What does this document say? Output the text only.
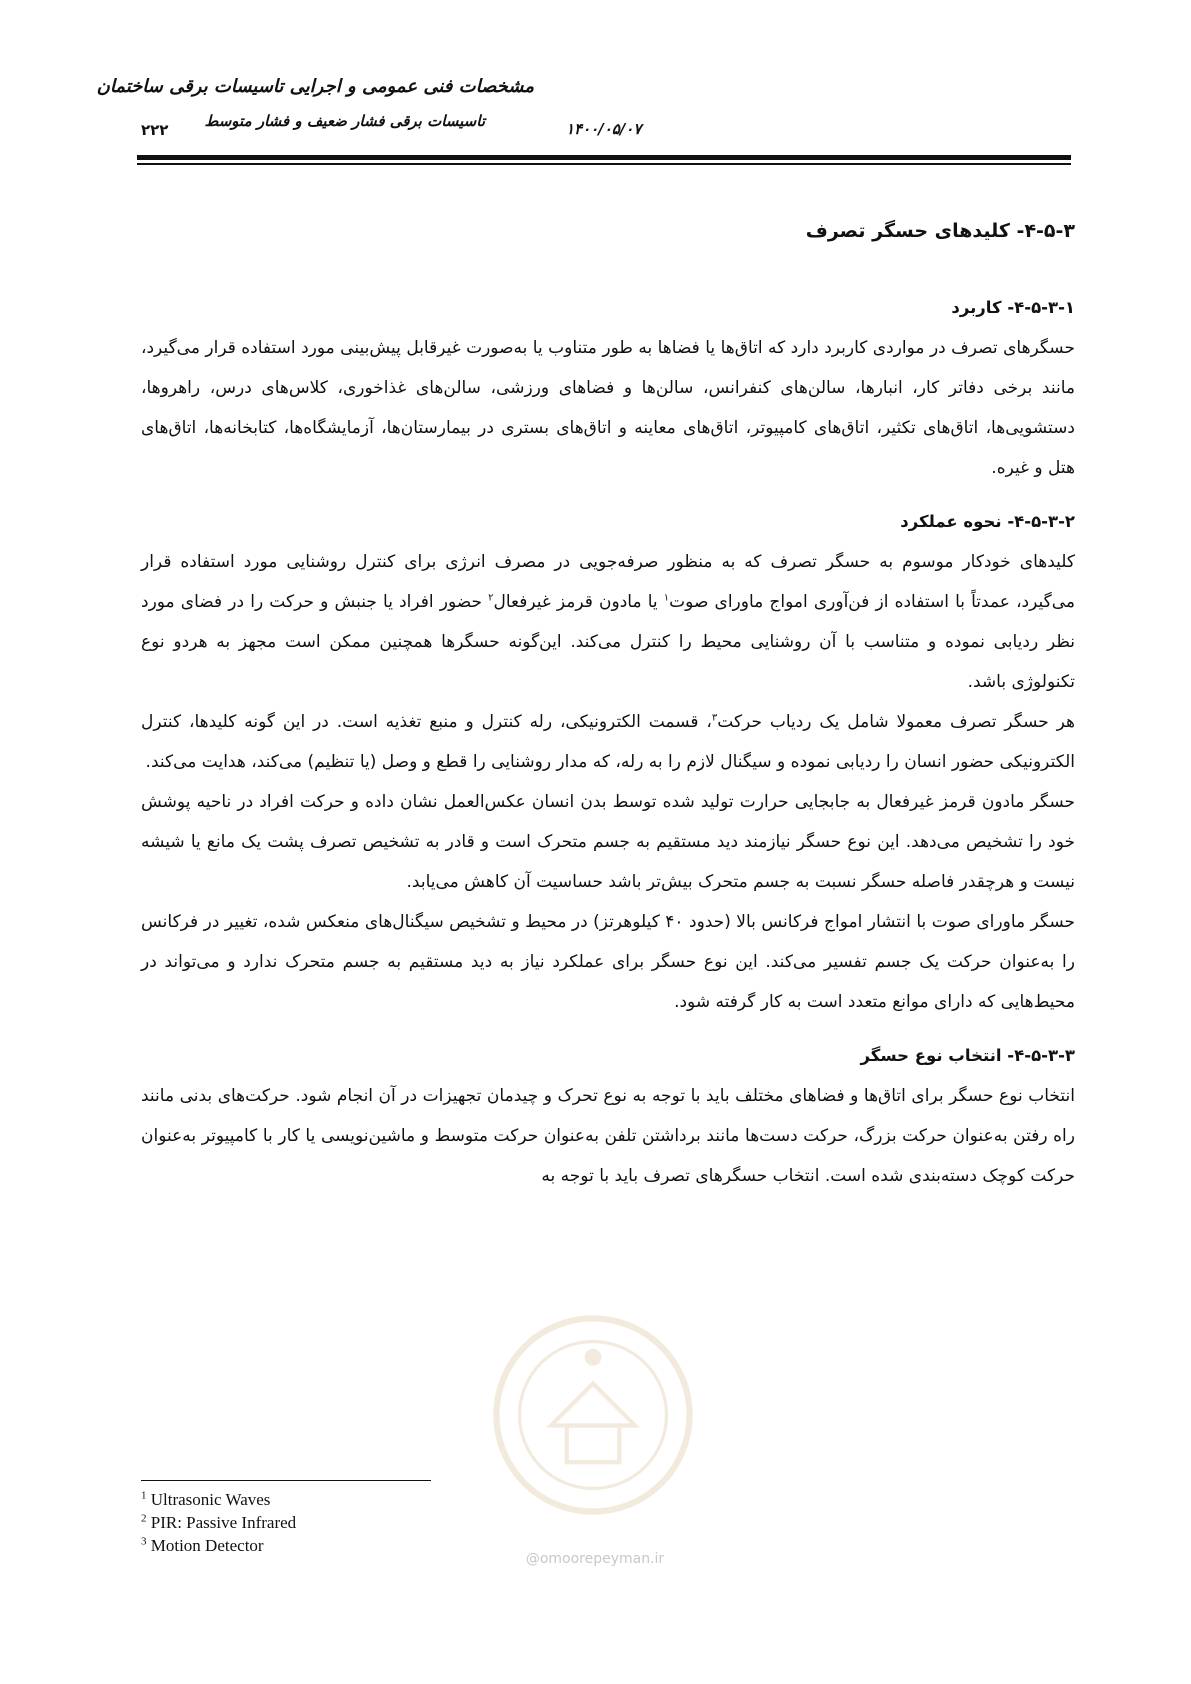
مشخصات فنی عمومی و اجرایی تاسیسات برقی ساختمان
تاسیسات برقی فشار ضعیف و فشار متوسط	۱۴۰۰/۰۵/۰۷
۲۲۲
۴-۵-۳- کلیدهای حسگر تصرف
۴-۵-۳-۱- کاربرد

حسگرهای تصرف در مواردی کاربرد دارد که اتاق‌ها یا فضاها به طور متناوب یا به‌صورت غیرقابل پیش‌بینی مورد استفاده قرار می‌گیرد، مانند برخی دفاتر کار، انبارها، سالن‌های کنفرانس، سالن‌ها و فضاهای ورزشی، سالن‌های غذاخوری، کلاس‌های درس، راهروها، دستشویی‌ها، اتاق‌های تکثیر، اتاق‌های کامپیوتر، اتاق‌های معاینه و اتاق‌های بستری در بیمارستان‌ها، آزمایشگاه‌ها، کتابخانه‌ها، اتاق‌های هتل و غیره.

۴-۵-۳-۲- نحوه عملکرد

کلیدهای خودکار موسوم به حسگر تصرف که به منظور صرفه‌جویی در مصرف انرژی برای کنترل روشنایی مورد استفاده قرار می‌گیرد، عمدتاً با استفاده از فن‌آوری امواج ماورای صوت$^۱$ یا مادون قرمز غیرفعال$^۲$ حضور افراد یا جنبش و حرکت را در فضای مورد نظر ردیابی نموده و متناسب با آن روشنایی محیط را کنترل می‌کند. این‌گونه حسگرها همچنین ممکن است مجهز به هردو نوع تکنولوژی باشد.

هر حسگر تصرف معمولا شامل یک ردیاب حرکت$^۳$، قسمت الکترونیکی، رله کنترل و منبع تغذیه است. در این گونه کلیدها، کنترل الکترونیکی حضور انسان را ردیابی نموده و سیگنال لازم را به رله، که مدار روشنایی را قطع و وصل (یا تنظیم) می‌کند، هدایت می‌کند.

حسگر مادون قرمز غیرفعال به جابجایی حرارت تولید شده توسط بدن انسان عکس‌العمل نشان داده و حرکت افراد در ناحیه پوشش خود را تشخیص می‌دهد. این نوع حسگر نیازمند دید مستقیم به جسم متحرک است و قادر به تشخیص تصرف پشت یک مانع یا شیشه نیست و هرچقدر فاصله حسگر نسبت به جسم متحرک بیش‌تر باشد حساسیت آن کاهش می‌یابد.

حسگر ماورای صوت با انتشار امواج فرکانس بالا (حدود ۴۰ کیلوهرتز) در محیط و تشخیص سیگنال‌های منعکس شده، تغییر در فرکانس را به‌عنوان حرکت یک جسم تفسیر می‌کند. این نوع حسگر برای عملکرد نیاز به دید مستقیم به جسم متحرک ندارد و می‌تواند در محیط‌هایی که دارای موانع متعدد است به کار گرفته شود.

۴-۵-۳-۳- انتخاب نوع حسگر

انتخاب نوع حسگر برای اتاق‌ها و فضاهای مختلف باید با توجه به نوع تحرک و چیدمان تجهیزات در آن انجام شود. حرکت‌های بدنی مانند راه رفتن به‌عنوان حرکت بزرگ، حرکت دست‌ها مانند برداشتن تلفن به‌عنوان حرکت متوسط و ماشین‌نویسی یا کار با کامپیوتر به‌عنوان حرکت کوچک دسته‌بندی شده است. انتخاب حسگرهای تصرف باید با توجه به

@omoorepeyman.ir
$^1$ Ultrasonic Waves
$^2$ PIR: Passive Infrared
$^3$ Motion Detector
